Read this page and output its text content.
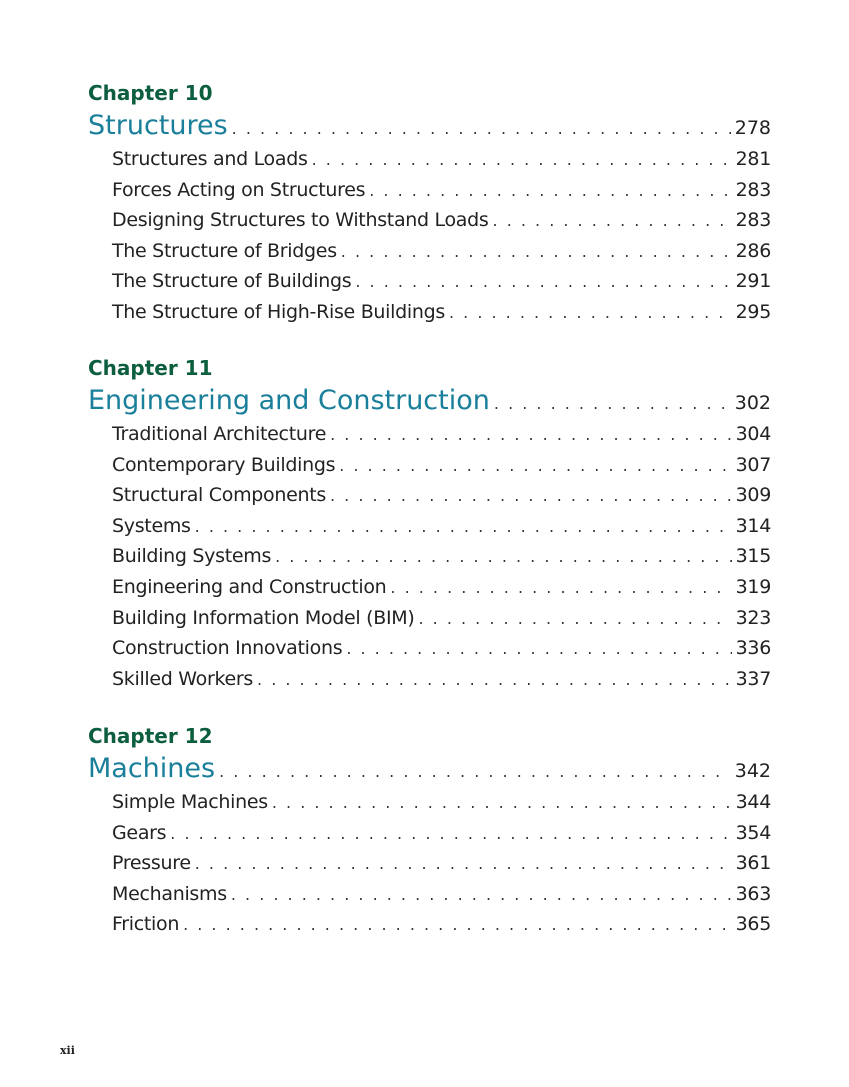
Chapter 10
Structures . . .	278
Structures and Loads . . .	281
Forces Acting on Structures . . .	283
Designing Structures to Withstand Loads . . .	283
The Structure of Bridges . . .	286
The Structure of Buildings . . .	291
The Structure of High-Rise Buildings . . .	295
Chapter 11
Engineering and Construction . . .	302
Traditional Architecture . . .	304
Contemporary Buildings . . .	307
Structural Components . . .	309
Systems . . .	314
Building Systems . . .	315
Engineering and Construction . . .	319
Building Information Model (BIM) . . .	323
Construction Innovations . . .	336
Skilled Workers . . .	337
Chapter 12
Machines . . .	342
Simple Machines . . .	344
Gears . . .	354
Pressure . . .	361
Mechanisms . . .	363
Friction . . .	365
xii
